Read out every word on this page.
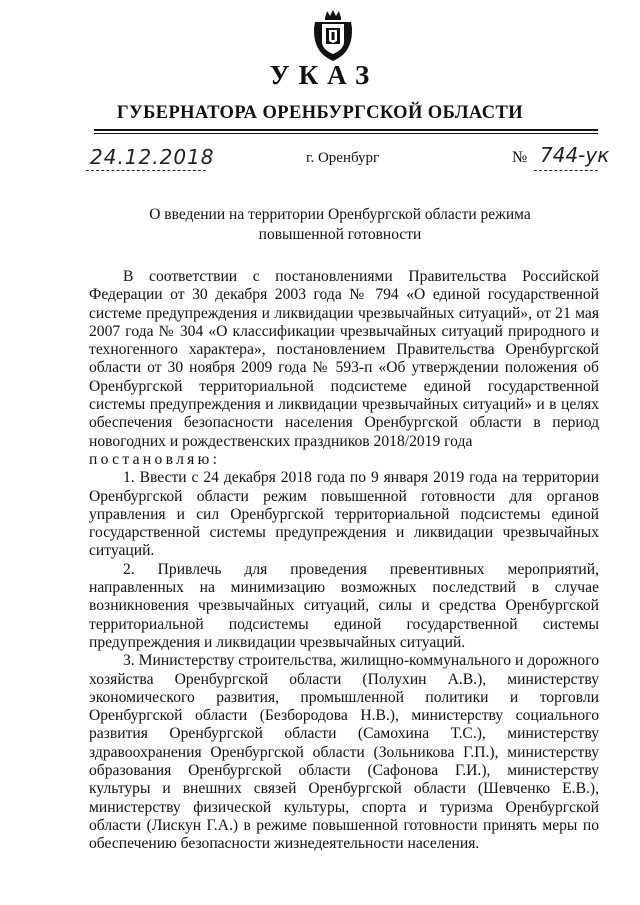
УКАЗ
ГУБЕРНАТОРА ОРЕНБУРГСКОЙ ОБЛАСТИ
24.12.2018	г. Оренбург	№ 744-ук
О введении на территории Оренбургской области режима повышенной готовности

В соответствии с постановлениями Правительства Российской Федерации от 30 декабря 2003 года № 794 «О единой государственной системе предупреждения и ликвидации чрезвычайных ситуаций», от 21 мая 2007 года № 304 «О классификации чрезвычайных ситуаций природного и техногенного характера», постановлением Правительства Оренбургской области от 30 ноября 2009 года № 593-п «Об утверждении положения об Оренбургской территориальной подсистеме единой государственной системы предупреждения и ликвидации чрезвычайных ситуаций» и в целях обеспечения безопасности населения Оренбургской области в период новогодних и рождественских праздников 2018/2019 года

постановляю:

1. Ввести с 24 декабря 2018 года по 9 января 2019 года на территории Оренбургской области режим повышенной готовности для органов управления и сил Оренбургской территориальной подсистемы единой государственной системы предупреждения и ликвидации чрезвычайных ситуаций.

2. Привлечь для проведения превентивных мероприятий, направленных на минимизацию возможных последствий в случае возникновения чрезвычайных ситуаций, силы и средства Оренбургской территориальной подсистемы единой государственной системы предупреждения и ликвидации чрезвычайных ситуаций.

3. Министерству строительства, жилищно-коммунального и дорожного хозяйства Оренбургской области (Полухин А.В.), министерству экономического развития, промышленной политики и торговли Оренбургской области (Безбородова Н.В.), министерству социального развития Оренбургской области (Самохина Т.С.), министерству здравоохранения Оренбургской области (Зольникова Г.П.), министерству образования Оренбургской области (Сафонова Г.И.), министерству культуры и внешних связей Оренбургской области (Шевченко Е.В.), министерству физической культуры, спорта и туризма Оренбургской области (Лискун Г.А.) в режиме повышенной готовности принять меры по обеспечению безопасности жизнедеятельности населения.
